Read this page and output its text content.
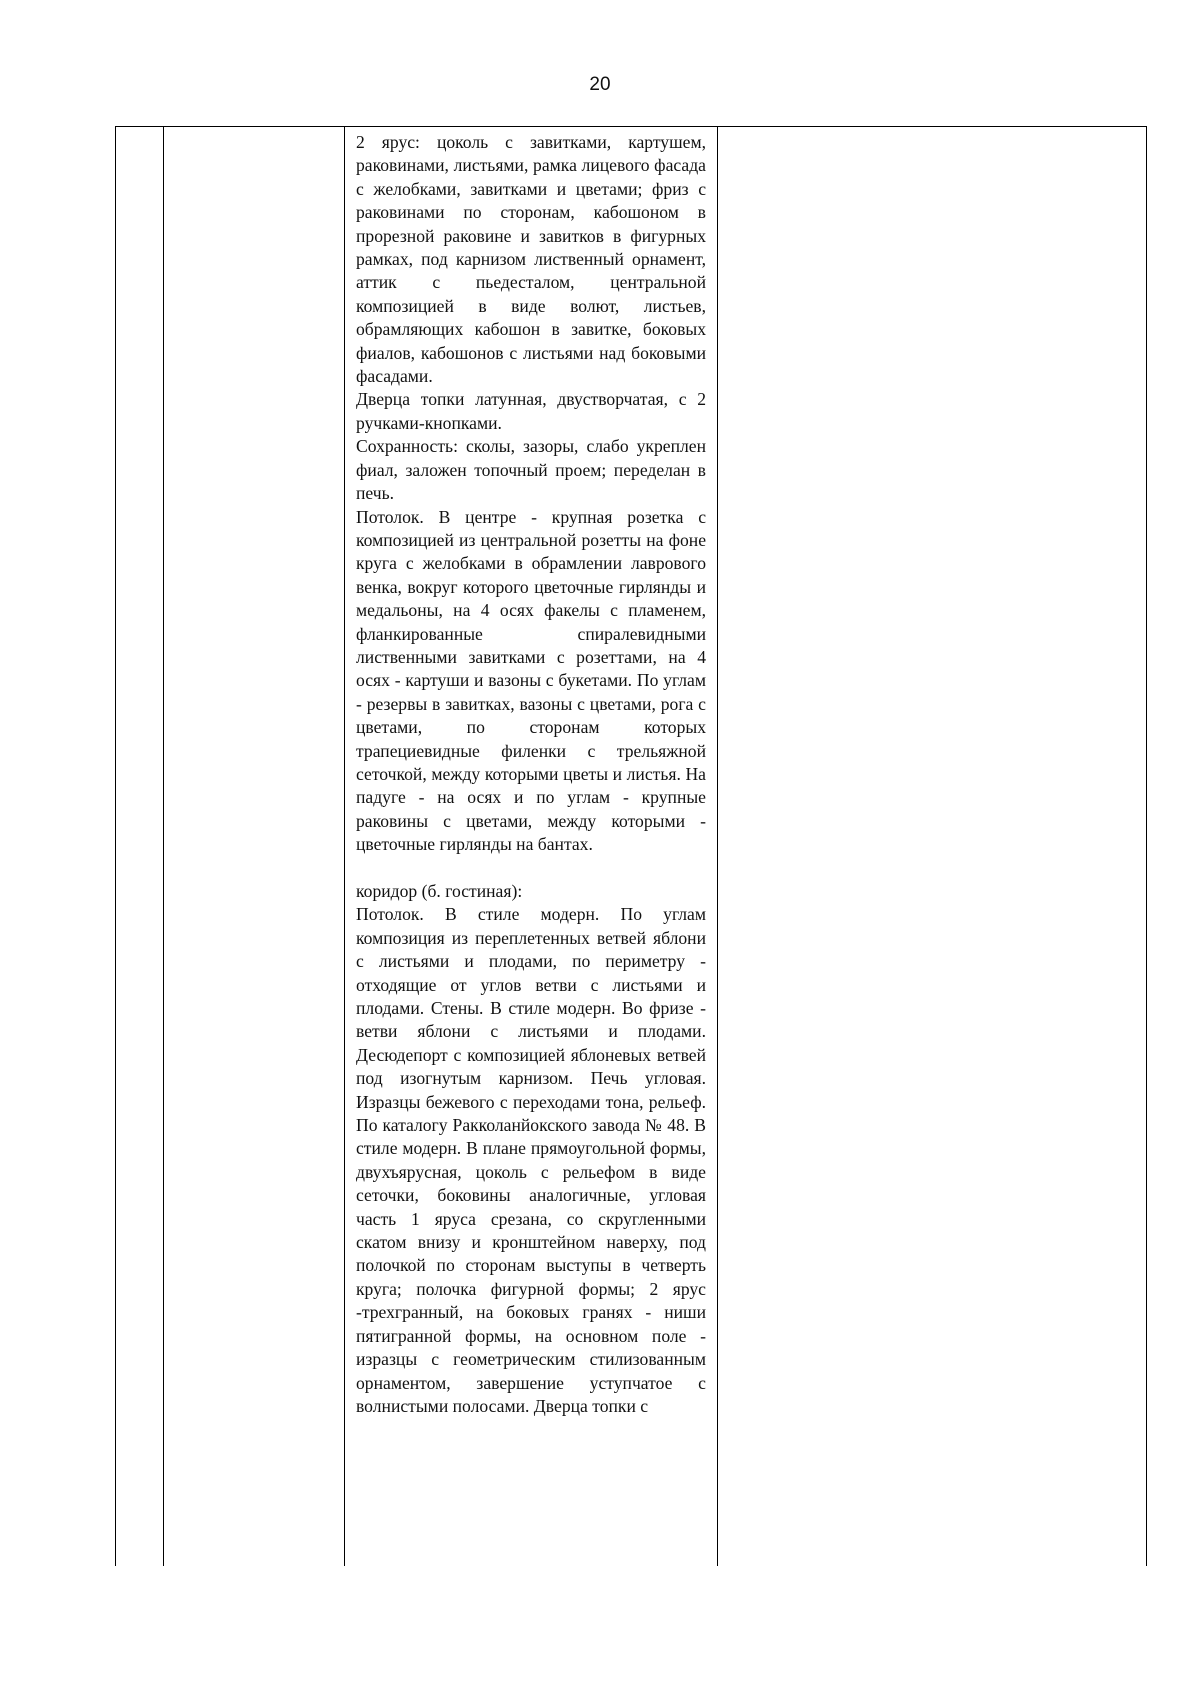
20

2 ярус: цоколь с завитками, картушем, раковинами, листьями, рамка лицевого фасада с желобками, завитками и цветами; фриз с раковинами по сторонам, кабошоном в прорезной раковине и завитков в фигурных рамках, под карнизом лиственный орнамент, аттик с пьедесталом, центральной композицией в виде волют, листьев, обрамляющих кабошон в завитке, боковых фиалов, кабошонов с листьями над боковыми фасадами.

Дверца топки латунная, двустворчатая, с 2 ручками-кнопками.

Сохранность: сколы, зазоры, слабо укреплен фиал, заложен топочный проем; переделан в печь.

Потолок. В центре - крупная розетка с композицией из центральной розетты на фоне круга с желобками в обрамлении лаврового венка, вокруг которого цветочные гирлянды и медальоны, на 4 осях факелы с пламенем, фланкированные спиралевидными лиственными завитками с розеттами, на 4 осях - картуши и вазоны с букетами. По углам - резервы в завитках, вазоны с цветами, рога с цветами, по сторонам которых трапециевидные филенки с трельяжной сеточкой, между которыми цветы и листья. На падуге - на осях и по углам - крупные раковины с цветами, между которыми - цветочные гирлянды на бантах.

коридор (б. гостиная):

Потолок. В стиле модерн. По углам композиция из переплетенных ветвей яблони с листьями и плодами, по периметру - отходящие от углов ветви с листьями и плодами. Стены. В стиле модерн. Во фризе - ветви яблони с листьями и плодами. Десюдепорт с композицией яблоневых ветвей под изогнутым карнизом. Печь угловая. Изразцы бежевого с переходами тона, рельеф. По каталогу Ракколанйокского завода № 48. В стиле модерн. В плане прямоугольной формы, двухъярусная, цоколь с рельефом в виде сеточки, боковины аналогичные, угловая часть 1 яруса срезана, со скругленными скатом внизу и кронштейном наверху, под полочкой по сторонам выступы в четверть круга; полочка фигурной формы; 2 ярус -трехгранный, на боковых гранях - ниши пятигранной формы, на основном поле - изразцы с геометрическим стилизованным орнаментом, завершение уступчатое с волнистыми полосами. Дверца топки с
